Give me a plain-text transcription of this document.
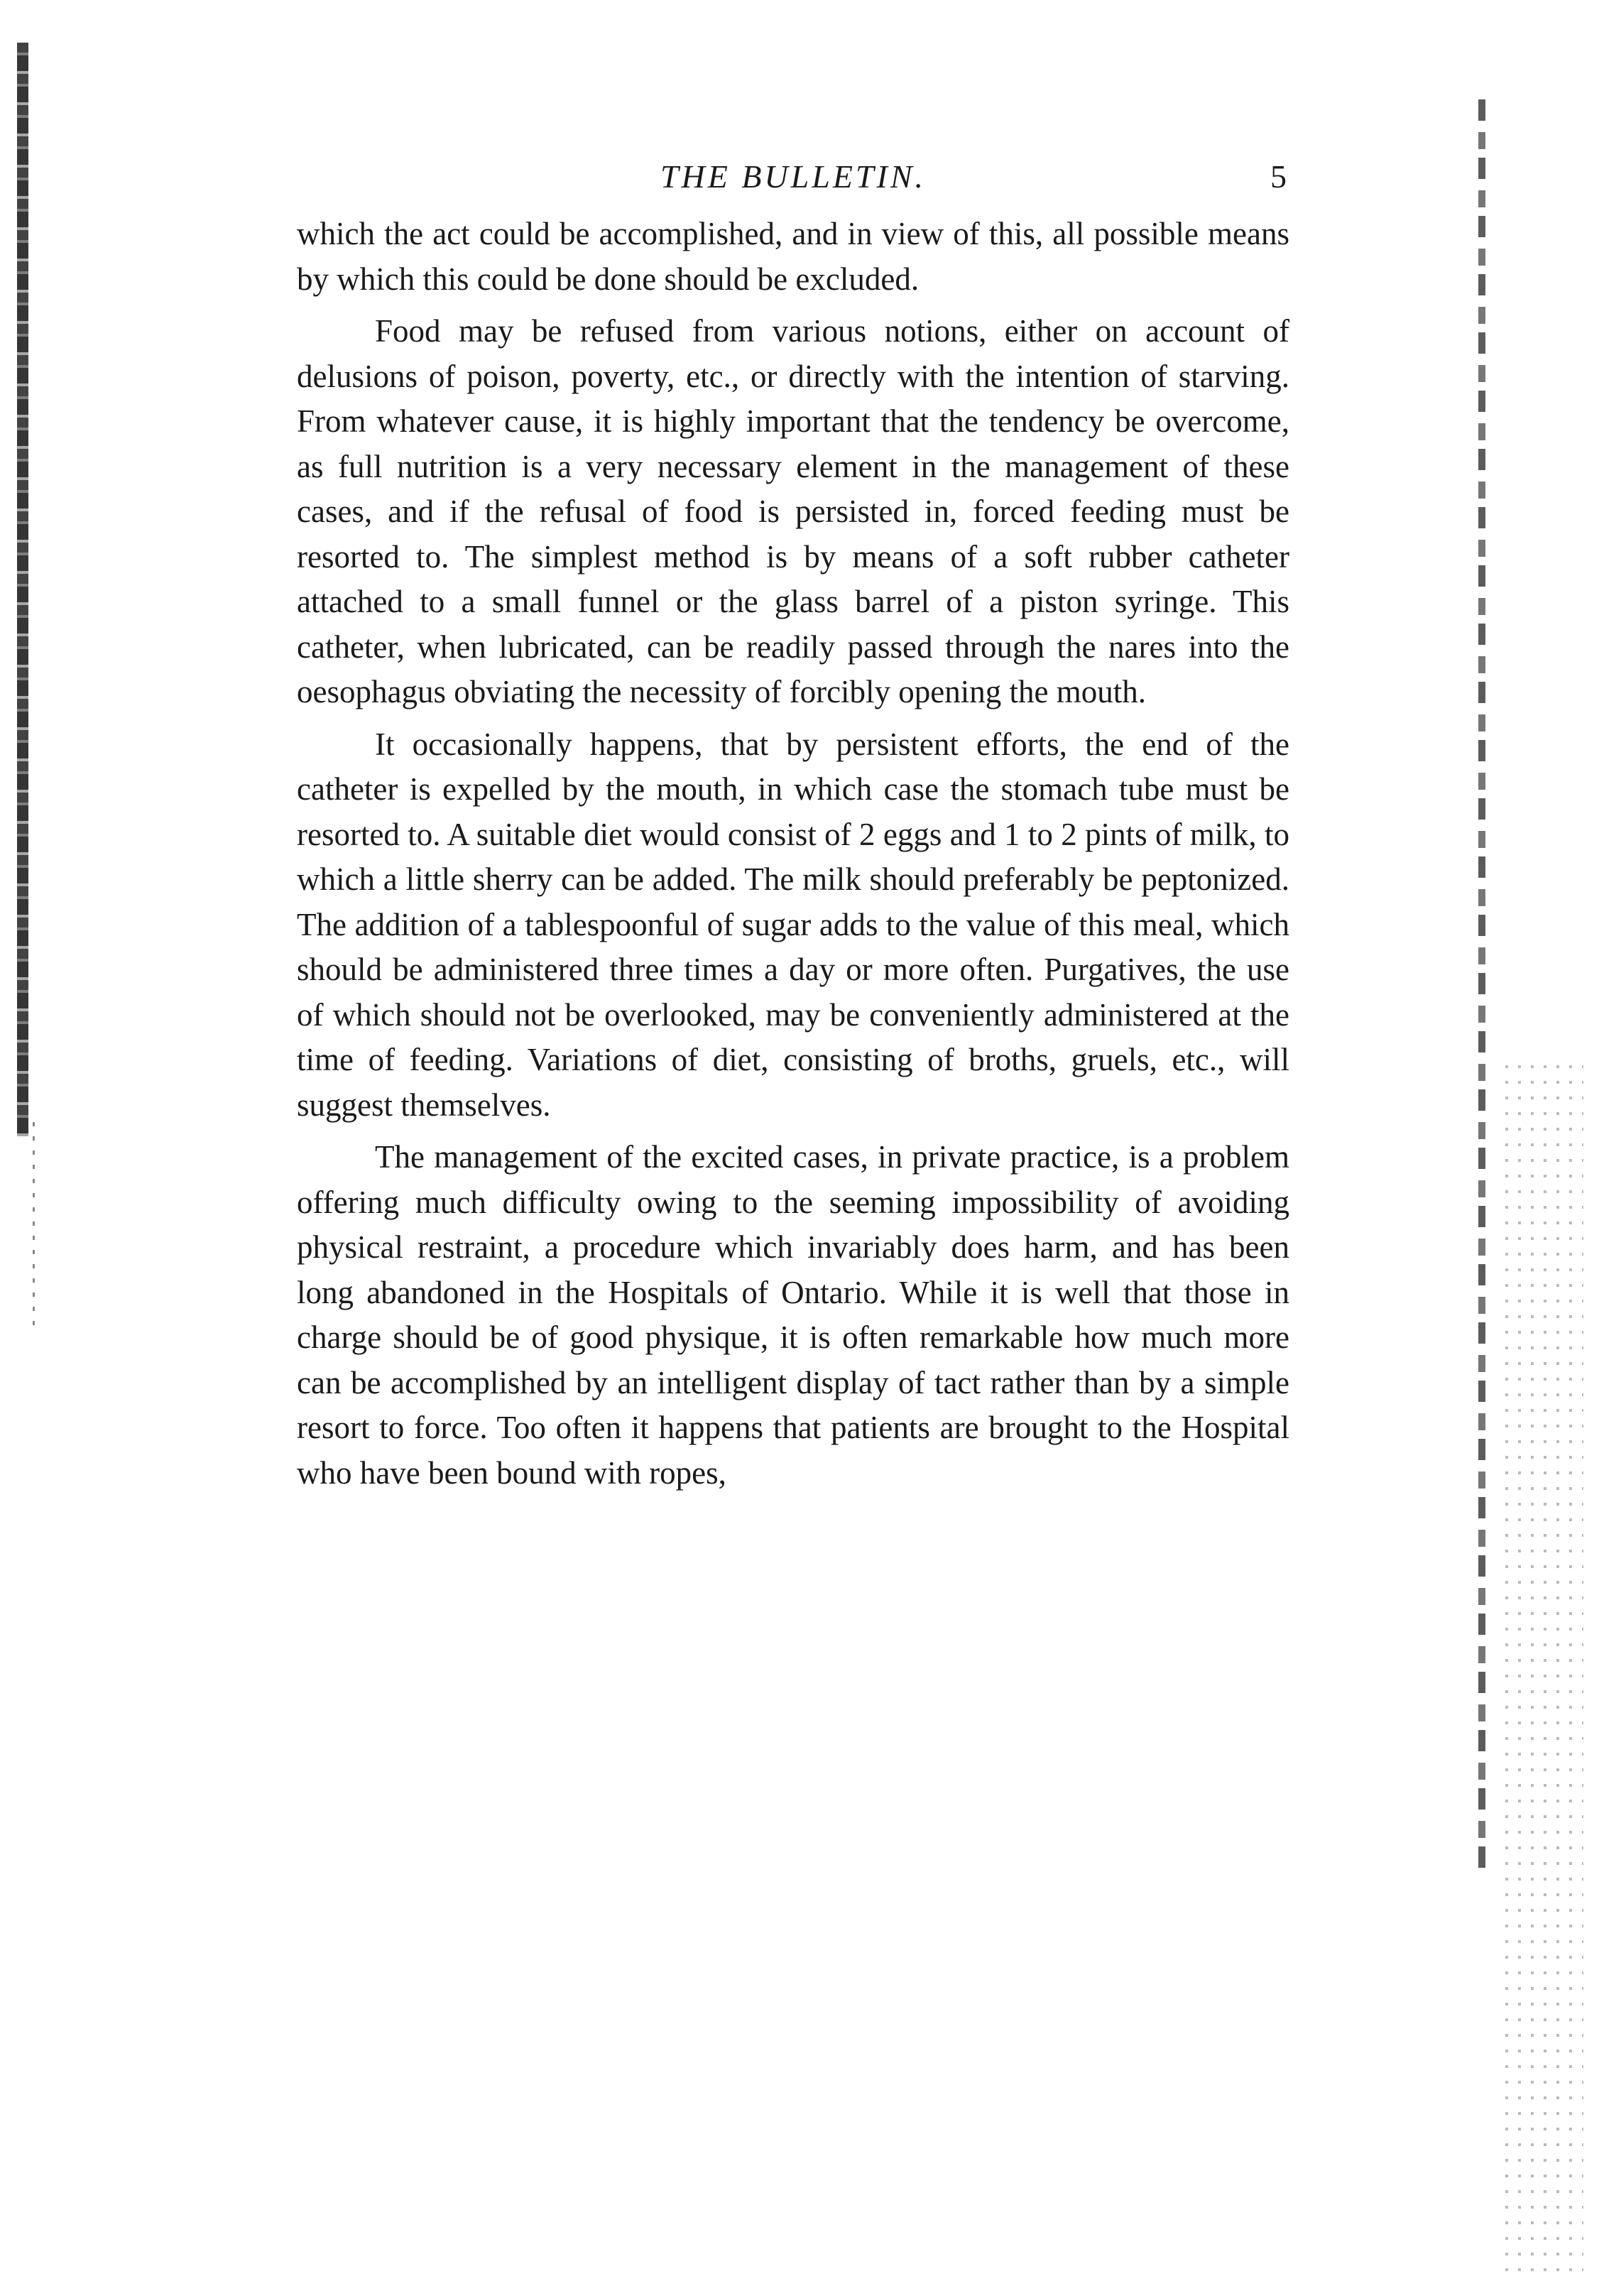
THE BULLETIN.	5

which the act could be accomplished, and in view of this, all possible means by which this could be done should be excluded.

Food may be refused from various notions, either on account of delusions of poison, poverty, etc., or directly with the intention of starving. From whatever cause, it is highly important that the tendency be overcome, as full nutrition is a very necessary element in the management of these cases, and if the refusal of food is persisted in, forced feeding must be resorted to. The simplest method is by means of a soft rubber catheter attached to a small funnel or the glass barrel of a piston syringe. This catheter, when lubricated, can be readily passed through the nares into the oesophagus obviating the necessity of forcibly opening the mouth.

It occasionally happens, that by persistent efforts, the end of the catheter is expelled by the mouth, in which case the stomach tube must be resorted to. A suitable diet would consist of 2 eggs and 1 to 2 pints of milk, to which a little sherry can be added. The milk should preferably be peptonized. The addition of a tablespoonful of sugar adds to the value of this meal, which should be administered three times a day or more often. Purgatives, the use of which should not be overlooked, may be conveniently administered at the time of feeding. Variations of diet, consisting of broths, gruels, etc., will suggest themselves.

The management of the excited cases, in private practice, is a problem offering much difficulty owing to the seeming impossibility of avoiding physical restraint, a procedure which invariably does harm, and has been long abandoned in the Hospitals of Ontario. While it is well that those in charge should be of good physique, it is often remarkable how much more can be accomplished by an intelligent display of tact rather than by a simple resort to force. Too often it happens that patients are brought to the Hospital who have been bound with ropes,
